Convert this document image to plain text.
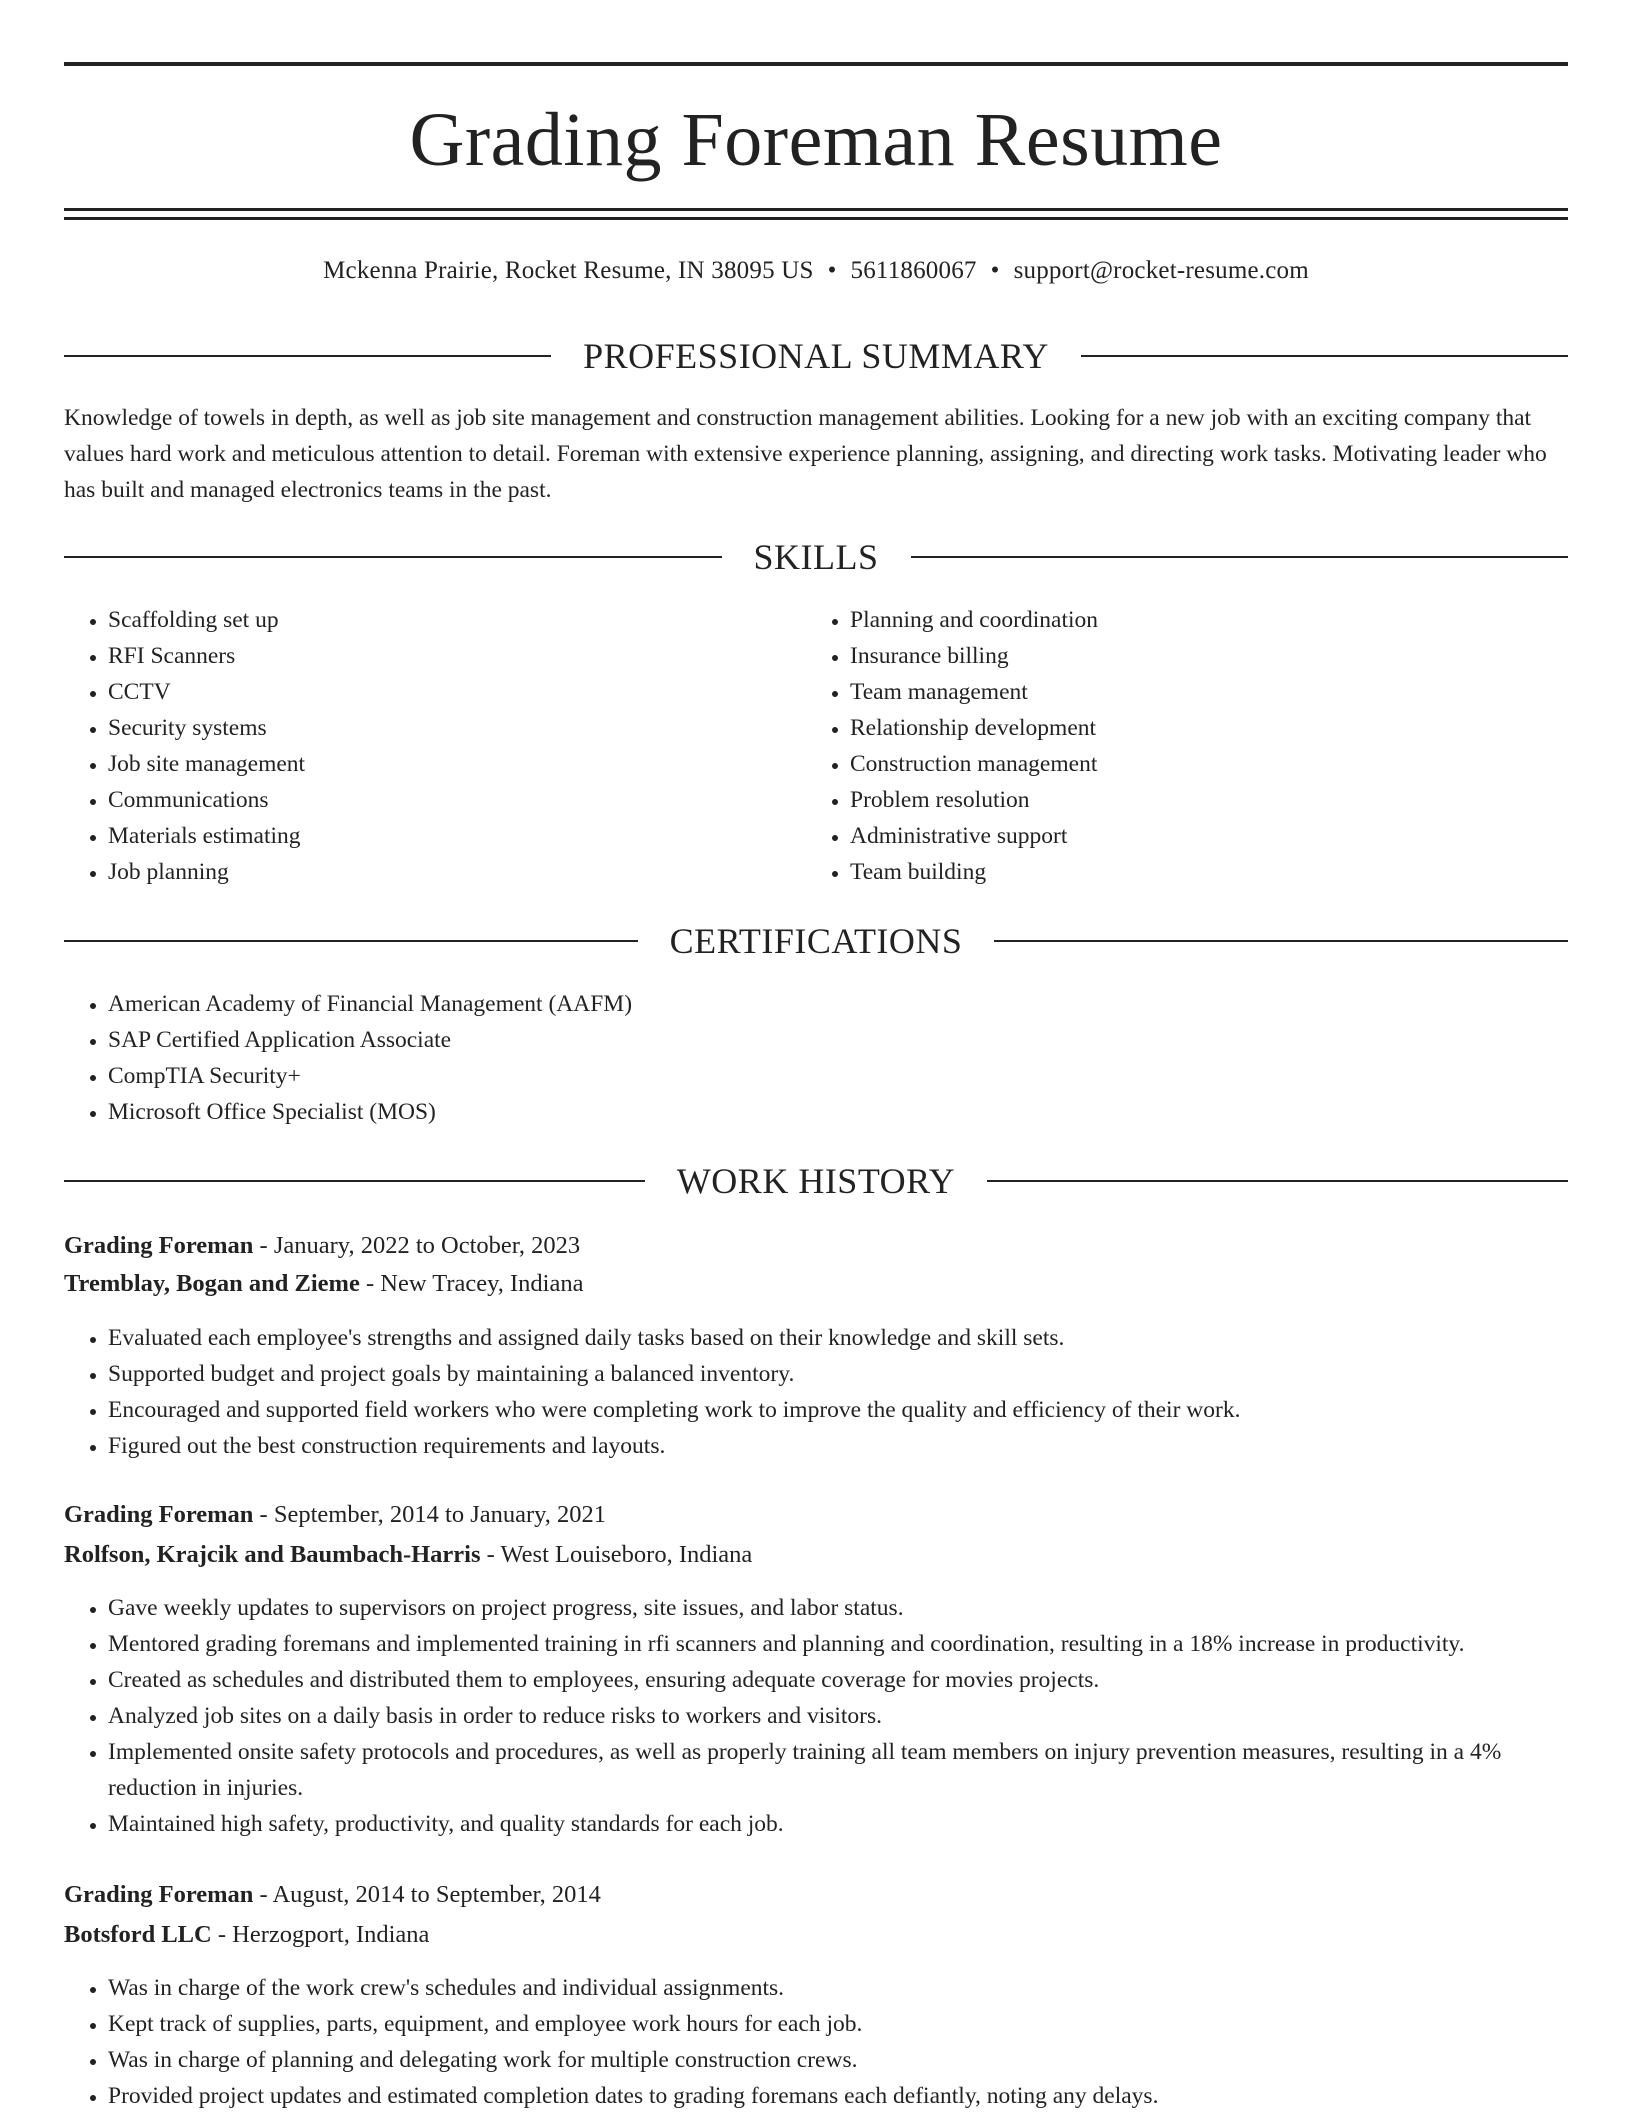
Grading Foreman Resume
Mckenna Prairie, Rocket Resume, IN 38095 US • 5611860067 • support@rocket-resume.com
PROFESSIONAL SUMMARY

Knowledge of towels in depth, as well as job site management and construction management abilities. Looking for a new job with an exciting company that values hard work and meticulous attention to detail. Foreman with extensive experience planning, assigning, and directing work tasks. Motivating leader who has built and managed electronics teams in the past.

SKILLS
• Scaffolding set up
• RFI Scanners
• CCTV
• Security systems
• Job site management
• Communications
• Materials estimating
• Job planning
• Planning and coordination
• Insurance billing
• Team management
• Relationship development
• Construction management
• Problem resolution
• Administrative support
• Team building
CERTIFICATIONS
• American Academy of Financial Management (AAFM)
• SAP Certified Application Associate
• CompTIA Security+
• Microsoft Office Specialist (MOS)
WORK HISTORY
Grading Foreman - January, 2022 to October, 2023
Tremblay, Bogan and Zieme - New Tracey, Indiana
• Evaluated each employee's strengths and assigned daily tasks based on their knowledge and skill sets.
• Supported budget and project goals by maintaining a balanced inventory.
• Encouraged and supported field workers who were completing work to improve the quality and efficiency of their work.
• Figured out the best construction requirements and layouts.
Grading Foreman - September, 2014 to January, 2021
Rolfson, Krajcik and Baumbach-Harris - West Louiseboro, Indiana
• Gave weekly updates to supervisors on project progress, site issues, and labor status.
• Mentored grading foremans and implemented training in rfi scanners and planning and coordination, resulting in a 18% increase in productivity.
• Created as schedules and distributed them to employees, ensuring adequate coverage for movies projects.
• Analyzed job sites on a daily basis in order to reduce risks to workers and visitors.
• Implemented onsite safety protocols and procedures, as well as properly training all team members on injury prevention measures, resulting in a 4% reduction in injuries.
• Maintained high safety, productivity, and quality standards for each job.
Grading Foreman - August, 2014 to September, 2014
Botsford LLC - Herzogport, Indiana
• Was in charge of the work crew's schedules and individual assignments.
• Kept track of supplies, parts, equipment, and employee work hours for each job.
• Was in charge of planning and delegating work for multiple construction crews.
• Provided project updates and estimated completion dates to grading foremans each defiantly, noting any delays.
